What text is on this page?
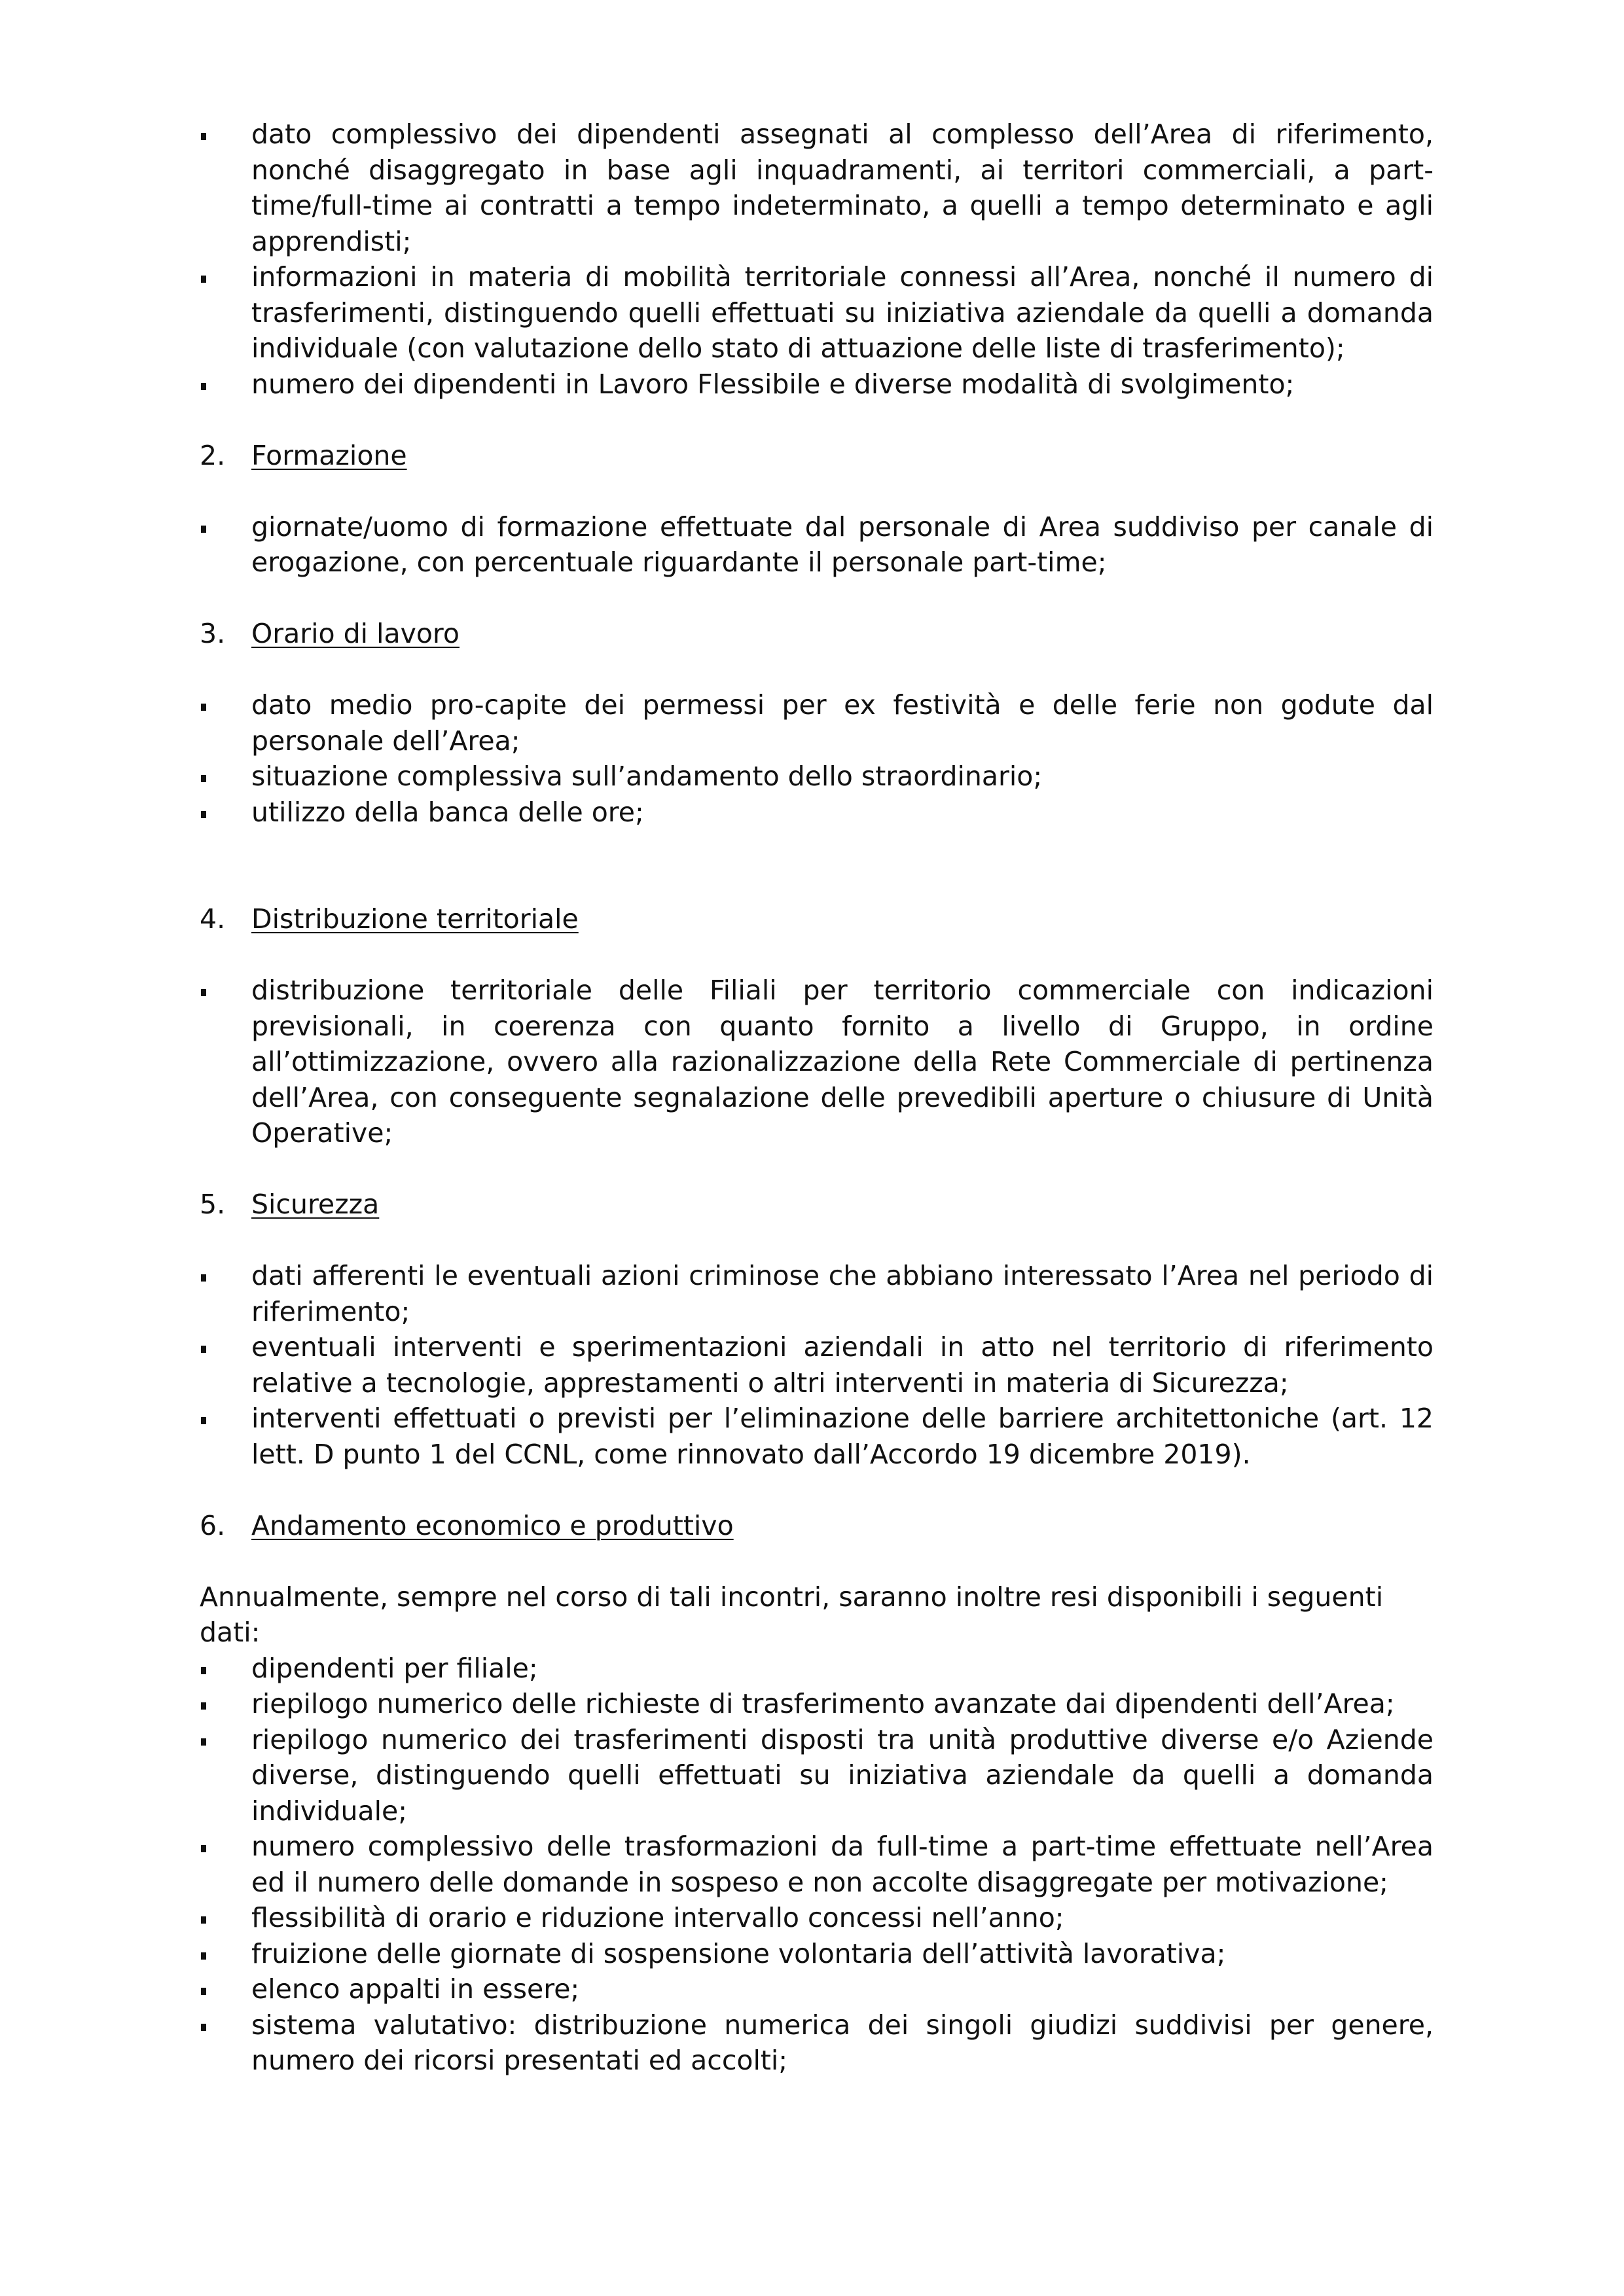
dato complessivo dei dipendenti assegnati al complesso dell’Area di riferimento, nonché disaggregato in base agli inquadramenti, ai territori commerciali, a part-time/full-time ai contratti a tempo indeterminato, a quelli a tempo determinato e agli apprendisti;
informazioni in materia di mobilità territoriale connessi all’Area, nonché il numero di trasferimenti, distinguendo quelli effettuati su iniziativa aziendale da quelli a domanda individuale (con valutazione dello stato di attuazione delle liste di trasferimento);
numero dei dipendenti in Lavoro Flessibile e diverse modalità di svolgimento;
2. Formazione
giornate/uomo di formazione effettuate dal personale di Area suddiviso per canale di erogazione, con percentuale riguardante il personale part-time;
3. Orario di lavoro
dato medio pro-capite dei permessi per ex festività e delle ferie non godute dal personale dell’Area;
situazione complessiva sull’andamento dello straordinario;
utilizzo della banca delle ore;
4. Distribuzione territoriale
distribuzione territoriale delle Filiali per territorio commerciale con indicazioni previsionali, in coerenza con quanto fornito a livello di Gruppo, in ordine all’ottimizzazione, ovvero alla razionalizzazione della Rete Commerciale di pertinenza dell’Area, con conseguente segnalazione delle prevedibili aperture o chiusure di Unità Operative;
5. Sicurezza
dati afferenti le eventuali azioni criminose che abbiano interessato l’Area nel periodo di riferimento;
eventuali interventi e sperimentazioni aziendali in atto nel territorio di riferimento relative a tecnologie, apprestamenti o altri interventi in materia di Sicurezza;
interventi effettuati o previsti per l’eliminazione delle barriere architettoniche (art. 12 lett. D punto 1 del CCNL, come rinnovato dall’Accordo 19 dicembre 2019).
6. Andamento economico e produttivo

Annualmente, sempre nel corso di tali incontri, saranno inoltre resi disponibili i seguenti dati:

dipendenti per filiale;
riepilogo numerico delle richieste di trasferimento avanzate dai dipendenti dell’Area;
riepilogo numerico dei trasferimenti disposti tra unità produttive diverse e/o Aziende diverse, distinguendo quelli effettuati su iniziativa aziendale da quelli a domanda individuale;
numero complessivo delle trasformazioni da full-time a part-time effettuate nell’Area ed il numero delle domande in sospeso e non accolte disaggregate per motivazione;
flessibilità di orario e riduzione intervallo concessi nell’anno;
fruizione delle giornate di sospensione volontaria dell’attività lavorativa;
elenco appalti in essere;
sistema valutativo: distribuzione numerica dei singoli giudizi suddivisi per genere, numero dei ricorsi presentati ed accolti;
